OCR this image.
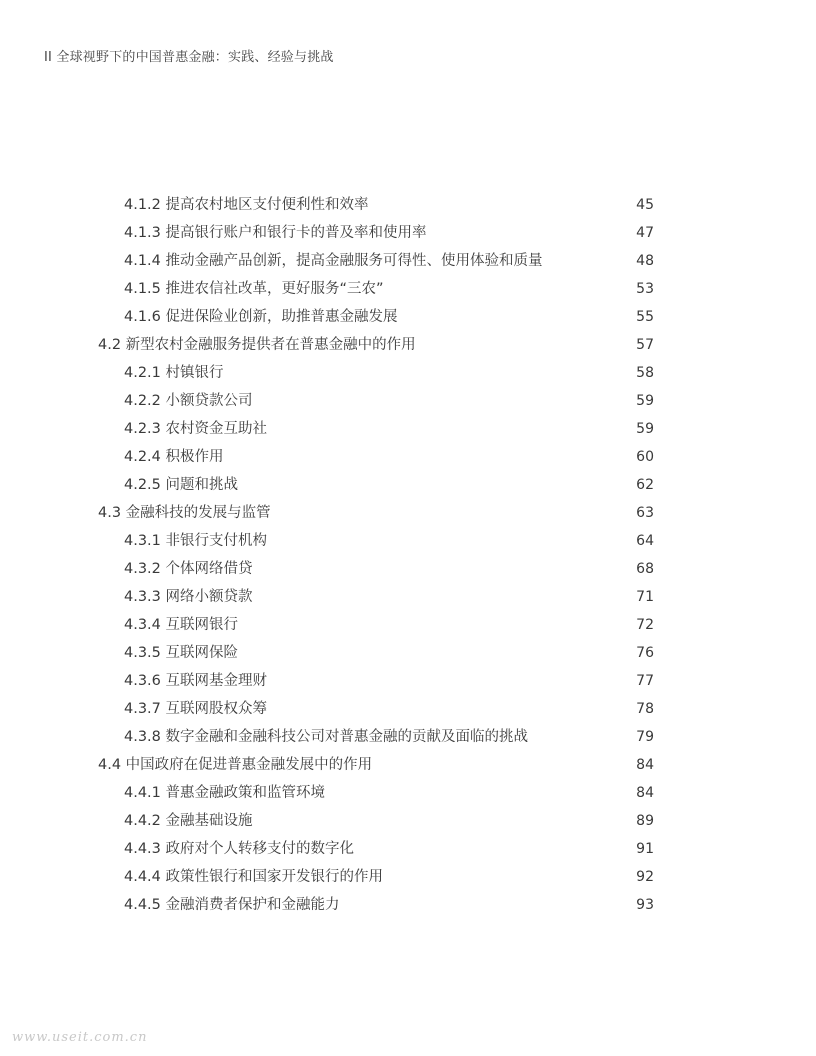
II 全球视野下的中国普惠金融：实践、经验与挑战
4.1.2 提高农村地区支付便利性和效率	45
4.1.3 提高银行账户和银行卡的普及率和使用率	47
4.1.4 推动金融产品创新，提高金融服务可得性、使用体验和质量	48
4.1.5 推进农信社改革，更好服务“三农”	53
4.1.6 促进保险业创新，助推普惠金融发展	55
4.2 新型农村金融服务提供者在普惠金融中的作用	57
4.2.1 村镇银行	58
4.2.2 小额贷款公司	59
4.2.3 农村资金互助社	59
4.2.4 积极作用	60
4.2.5 问题和挑战	62
4.3 金融科技的发展与监管	63
4.3.1 非银行支付机构	64
4.3.2 个体网络借贷	68
4.3.3 网络小额贷款	71
4.3.4 互联网银行	72
4.3.5 互联网保险	76
4.3.6 互联网基金理财	77
4.3.7 互联网股权众筹	78
4.3.8 数字金融和金融科技公司对普惠金融的贡献及面临的挑战	79
4.4 中国政府在促进普惠金融发展中的作用	84
4.4.1 普惠金融政策和监管环境	84
4.4.2 金融基础设施	89
4.4.3 政府对个人转移支付的数字化	91
4.4.4 政策性银行和国家开发银行的作用	92
4.4.5 金融消费者保护和金融能力	93
www.useit.com.cn
